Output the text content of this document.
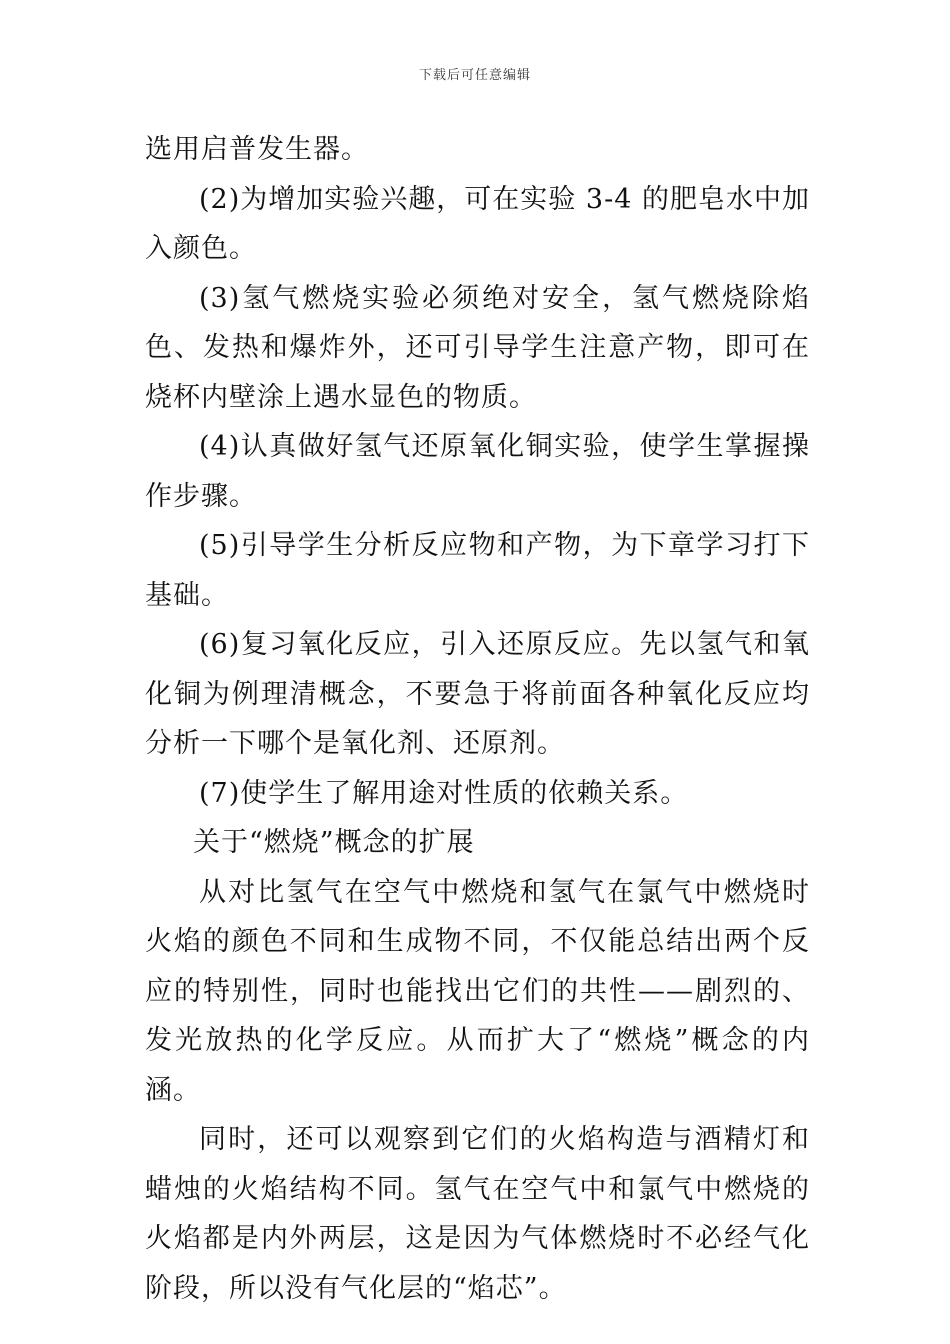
下载后可任意编辑

选用启普发生器。

(2)为增加实验兴趣，可在实验 3-4 的肥皂水中加入颜色。

(3)氢气燃烧实验必须绝对安全，氢气燃烧除焰色、发热和爆炸外，还可引导学生注意产物，即可在烧杯内壁涂上遇水显色的物质。

(4)认真做好氢气还原氧化铜实验，使学生掌握操作步骤。

(5)引导学生分析反应物和产物，为下章学习打下基础。

(6)复习氧化反应，引入还原反应。先以氢气和氧化铜为例理清概念，不要急于将前面各种氧化反应均分析一下哪个是氧化剂、还原剂。

(7)使学生了解用途对性质的依赖关系。

关于“燃烧”概念的扩展

从对比氢气在空气中燃烧和氢气在氯气中燃烧时火焰的颜色不同和生成物不同，不仅能总结出两个反应的特别性，同时也能找出它们的共性——剧烈的、发光放热的化学反应。从而扩大了“燃烧”概念的内涵。

同时，还可以观察到它们的火焰构造与酒精灯和蜡烛的火焰结构不同。氢气在空气中和氯气中燃烧的火焰都是内外两层，这是因为气体燃烧时不必经气化阶段，所以没有气化层的“焰芯”。
